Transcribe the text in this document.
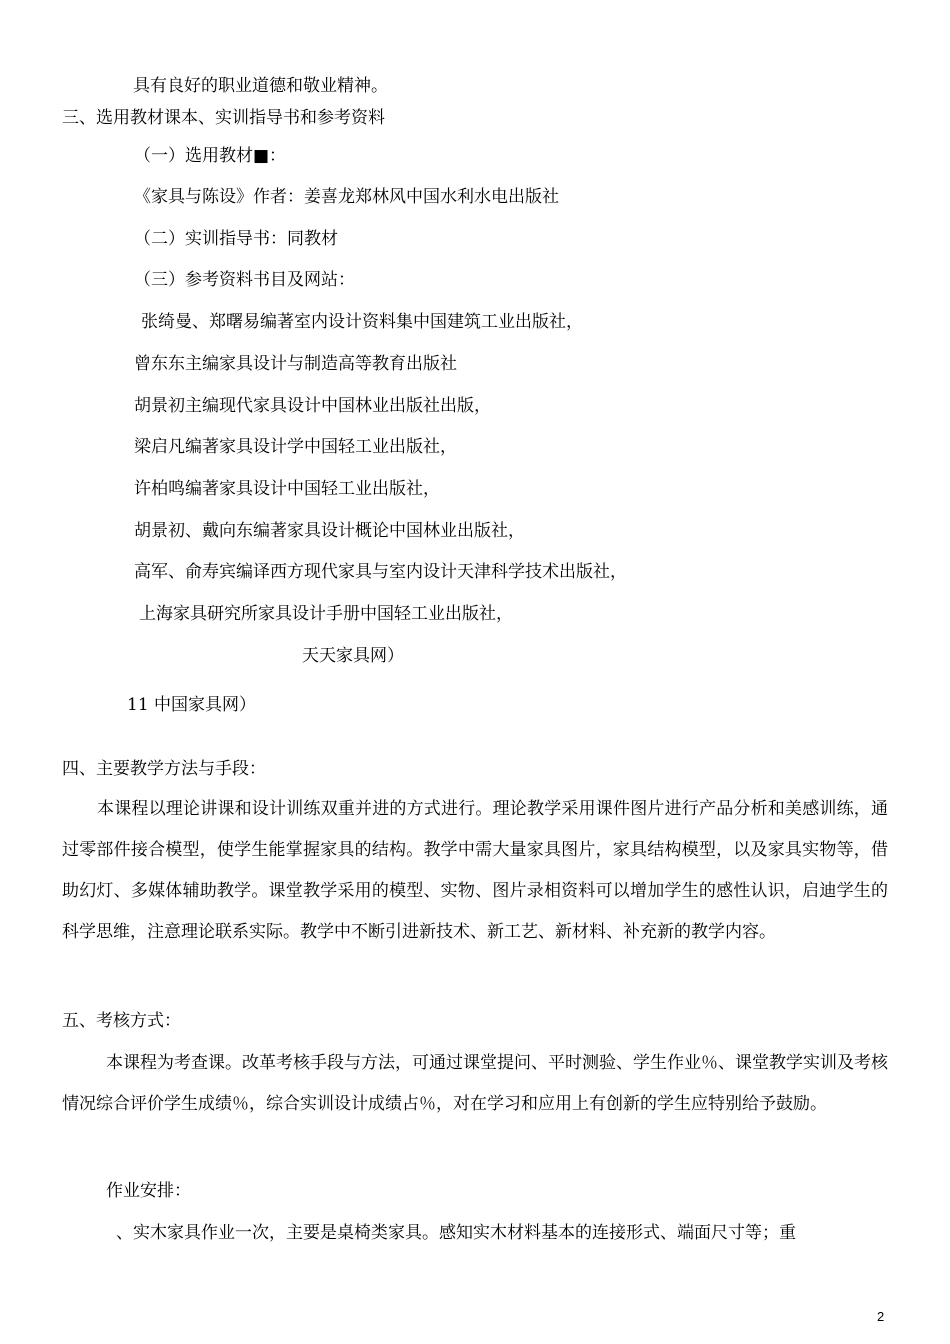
具有良好的职业道德和敬业精神。
三、选用教材课本、实训指导书和参考资料
（一）选用教材■：
《家具与陈设》作者：姜喜龙郑林风中国水利水电出版社
（二）实训指导书：同教材
（三）参考资料书目及网站：
张绮曼、郑曙易编著室内设计资料集中国建筑工业出版社，
曾东东主编家具设计与制造高等教育出版社
胡景初主编现代家具设计中国林业出版社出版，
梁启凡编著家具设计学中国轻工业出版社，
许柏鸣编著家具设计中国轻工业出版社，
胡景初、戴向东编著家具设计概论中国林业出版社，
高军、俞寿宾编译西方现代家具与室内设计天津科学技术出版社，
上海家具研究所家具设计手册中国轻工业出版社，
天天家具网）
11 中国家具网）
四、主要教学方法与手段：
本课程以理论讲课和设计训练双重并进的方式进行。理论教学采用课件图片进行产品分析和美感训练，通过零部件接合模型，使学生能掌握家具的结构。教学中需大量家具图片，家具结构模型，以及家具实物等，借助幻灯、多媒体辅助教学。课堂教学采用的模型、实物、图片录相资料可以增加学生的感性认识，启迪学生的科学思维，注意理论联系实际。教学中不断引进新技术、新工艺、新材料、补充新的教学内容。
五、考核方式：
本课程为考查课。改革考核手段与方法，可通过课堂提问、平时测验、学生作业％、课堂教学实训及考核情况综合评价学生成绩％，综合实训设计成绩占％，对在学习和应用上有创新的学生应特别给予鼓励。
作业安排：
、实木家具作业一次，主要是桌椅类家具。感知实木材料基本的连接形式、端面尺寸等；重
2
